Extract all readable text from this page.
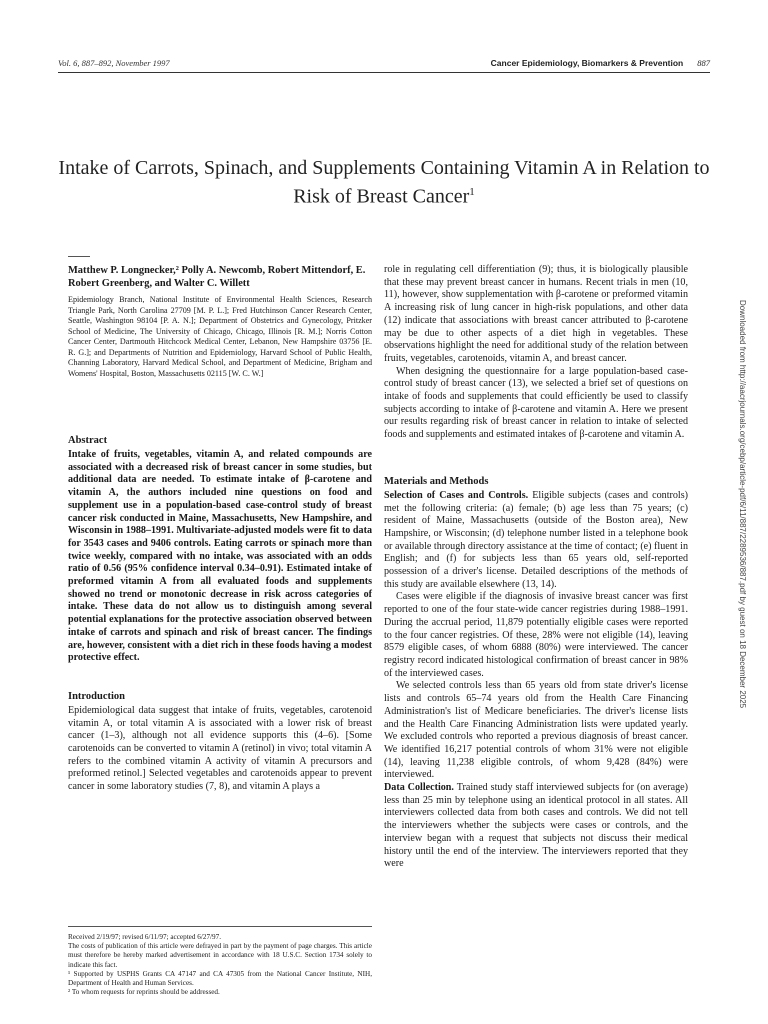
Vol. 6, 887–892, November 1997	Cancer Epidemiology, Biomarkers & Prevention 887
Intake of Carrots, Spinach, and Supplements Containing Vitamin A in Relation to Risk of Breast Cancer$^1$

Matthew P. Longnecker,² Polly A. Newcomb, Robert Mittendorf, E. Robert Greenberg, and Walter C. Willett

Epidemiology Branch, National Institute of Environmental Health Sciences, Research Triangle Park, North Carolina 27709 [M. P. L.]; Fred Hutchinson Cancer Research Center, Seattle, Washington 98104 [P. A. N.]; Department of Obstetrics and Gynecology, Pritzker School of Medicine, The University of Chicago, Chicago, Illinois [R. M.]; Norris Cotton Cancer Center, Dartmouth Hitchcock Medical Center, Lebanon, New Hampshire 03756 [E. R. G.]; and Departments of Nutrition and Epidemiology, Harvard School of Public Health, Channing Laboratory, Harvard Medical School, and Department of Medicine, Brigham and Womens' Hospital, Boston, Massachusetts 02115 [W. C. W.]

Abstract

Intake of fruits, vegetables, vitamin A, and related compounds are associated with a decreased risk of breast cancer in some studies, but additional data are needed. To estimate intake of β-carotene and vitamin A, the authors included nine questions on food and supplement use in a population-based case-control study of breast cancer risk conducted in Maine, Massachusetts, New Hampshire, and Wisconsin in 1988–1991. Multivariate-adjusted models were fit to data for 3543 cases and 9406 controls. Eating carrots or spinach more than twice weekly, compared with no intake, was associated with an odds ratio of 0.56 (95% confidence interval 0.34–0.91). Estimated intake of preformed vitamin A from all evaluated foods and supplements showed no trend or monotonic decrease in risk across categories of intake. These data do not allow us to distinguish among several potential explanations for the protective association observed between intake of carrots and spinach and risk of breast cancer. The findings are, however, consistent with a diet rich in these foods having a modest protective effect.

Introduction

Epidemiological data suggest that intake of fruits, vegetables, carotenoid vitamin A, or total vitamin A is associated with a lower risk of breast cancer (1–3), although not all evidence supports this (4–6). [Some carotenoids can be converted to vitamin A (retinol) in vivo; total vitamin A refers to the combined vitamin A activity of vitamin A precursors and preformed retinol.] Selected vegetables and carotenoids appear to prevent cancer in some laboratory studies (7, 8), and vitamin A plays a

Received 2/19/97; revised 6/11/97; accepted 6/27/97.

The costs of publication of this article were defrayed in part by the payment of page charges. This article must therefore be hereby marked advertisement in accordance with 18 U.S.C. Section 1734 solely to indicate this fact.

¹ Supported by USPHS Grants CA 47147 and CA 47305 from the National Cancer Institute, NIH, Department of Health and Human Services.

² To whom requests for reprints should be addressed.

role in regulating cell differentiation (9); thus, it is biologically plausible that these may prevent breast cancer in humans. Recent trials in men (10, 11), however, show supplementation with β-carotene or preformed vitamin A increasing risk of lung cancer in high-risk populations, and other data (12) indicate that associations with breast cancer attributed to β-carotene may be due to other aspects of a diet high in vegetables. These observations highlight the need for additional study of the relation between fruits, vegetables, carotenoids, vitamin A, and breast cancer.

When designing the questionnaire for a large population-based case-control study of breast cancer (13), we selected a brief set of questions on intake of foods and supplements that could efficiently be used to classify subjects according to intake of β-carotene and vitamin A. Here we present our results regarding risk of breast cancer in relation to intake of selected foods and supplements and estimated intakes of β-carotene and vitamin A.

Materials and Methods

Selection of Cases and Controls. Eligible subjects (cases and controls) met the following criteria: (a) female; (b) age less than 75 years; (c) resident of Maine, Massachusetts (outside of the Boston area), New Hampshire, or Wisconsin; (d) telephone number listed in a telephone book or available through directory assistance at the time of contact; (e) fluent in English; and (f) for subjects less than 65 years old, self-reported possession of a driver's license. Detailed descriptions of the methods of this study are available elsewhere (13, 14).

Cases were eligible if the diagnosis of invasive breast cancer was first reported to one of the four state-wide cancer registries during 1988–1991. During the accrual period, 11,879 potentially eligible cases were reported to the four cancer registries. Of these, 28% were not eligible (14), leaving 8579 eligible cases, of whom 6888 (80%) were interviewed. The cancer registry record indicated histological confirmation of breast cancer in 98% of the interviewed cases.

We selected controls less than 65 years old from state driver's license lists and controls 65–74 years old from the Health Care Financing Administration's list of Medicare beneficiaries. The driver's license lists and the Health Care Financing Administration lists were updated yearly. We excluded controls who reported a previous diagnosis of breast cancer. We identified 16,217 potential controls of whom 31% were not eligible (14), leaving 11,238 eligible controls, of whom 9,428 (84%) were interviewed.

Data Collection. Trained study staff interviewed subjects for (on average) less than 25 min by telephone using an identical protocol in all states. All interviewers collected data from both cases and controls. We did not tell the interviewers whether the subjects were cases or controls, and the interview began with a request that subjects not discuss their medical history until the end of the interview. The interviewers reported that they were

Downloaded from http://aacrjournals.org/cebp/article-pdf/6/11/887/2289536/887.pdf by guest on 18 December 2025
